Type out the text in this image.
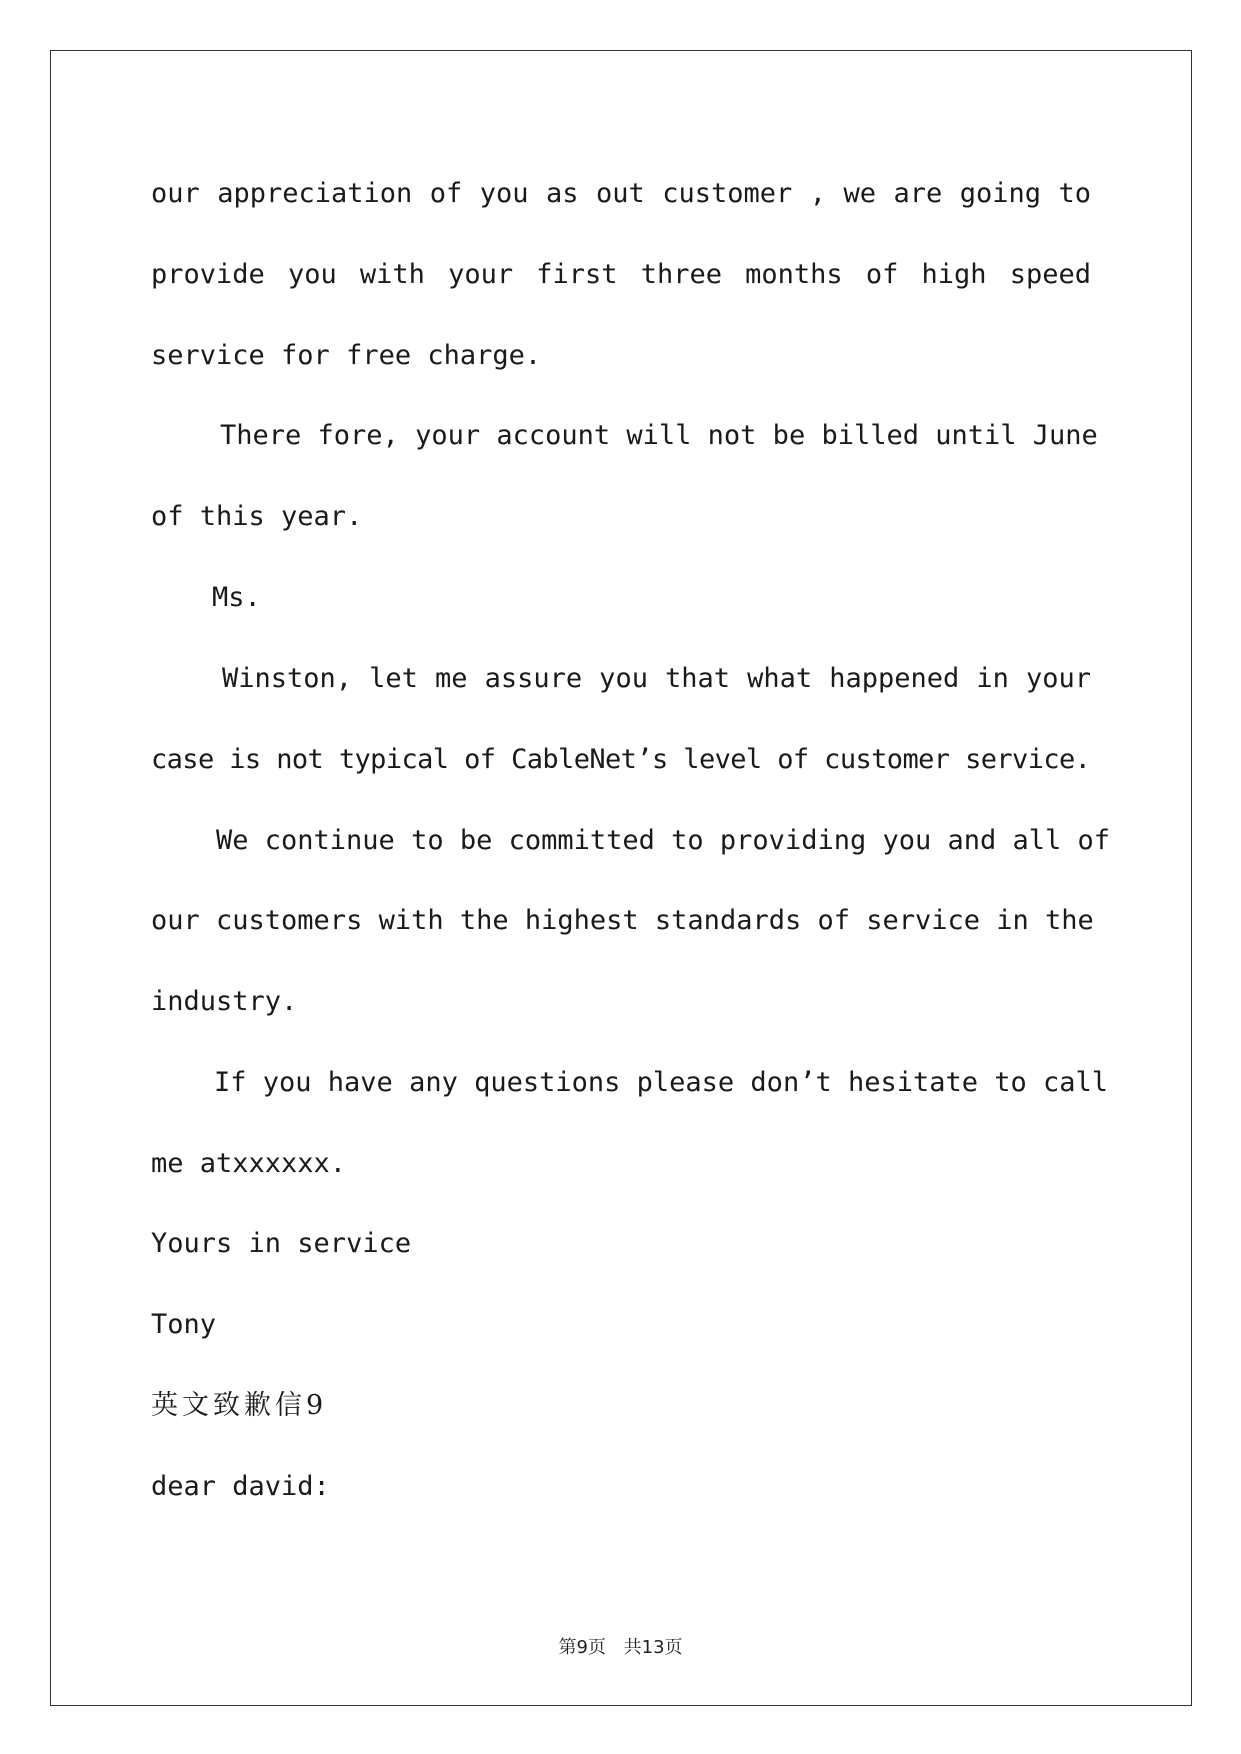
our appreciation of you as out customer , we are going to
provide you with your first three months of high speed
service for free charge.
There fore, your account will not be billed until June
of this year.
Ms.
Winston, let me assure you that what happened in your
case is not typical of CableNet’s level of customer service.
We continue to be committed to providing you and all of
our customers with the highest standards of service in the
industry.
If you have any questions please don’t hesitate to call
me atxxxxxx.
Yours in service
Tony
英文致歉信9
dear david:
第9页 共13页
